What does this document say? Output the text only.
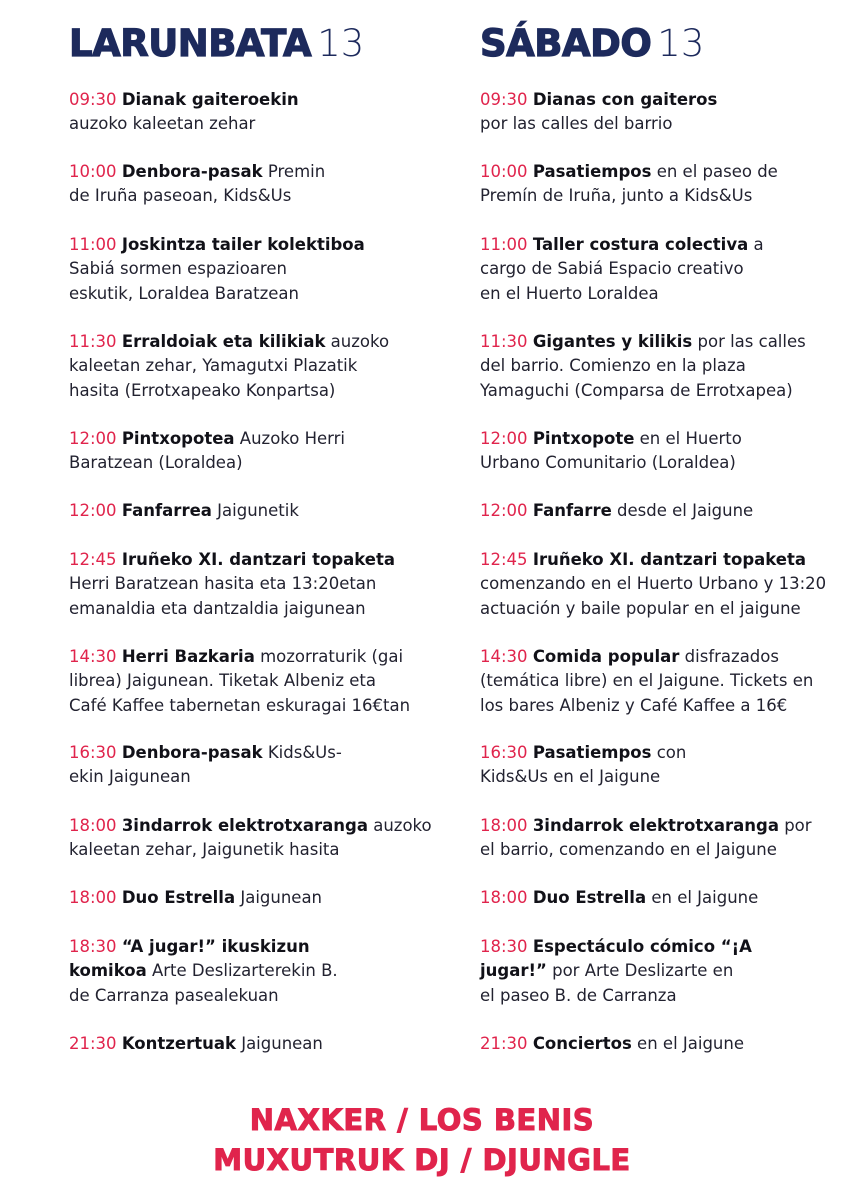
LARUNBATA 13
09:30 Dianak gaiteroekin
auzoko kaleetan zehar
10:00 Denbora-pasak Premin
de Iruña paseoan, Kids&Us
11:00 Joskintza tailer kolektiboa
Sabiá sormen espazioaren
eskutik, Loraldea Baratzean
11:30 Erraldoiak eta kilikiak auzoko
kaleetan zehar, Yamagutxi Plazatik
hasita (Errotxapeako Konpartsa)
12:00 Pintxopotea Auzoko Herri
Baratzean (Loraldea)
12:00 Fanfarrea Jaigunetik
12:45 Iruñeko XI. dantzari topaketa
Herri Baratzean hasita eta 13:20etan
emanaldia eta dantzaldia jaigunean
14:30 Herri Bazkaria mozorraturik (gai
librea) Jaigunean. Tiketak Albeniz eta
Café Kaffee tabernetan eskuragai 16€tan
16:30 Denbora-pasak Kids&Us-
ekin Jaigunean
18:00 3indarrok elektrotxaranga auzoko
kaleetan zehar, Jaigunetik hasita
18:00 Duo Estrella Jaigunean
18:30 “A jugar!” ikuskizun
komikoa Arte Deslizarterekin B.
de Carranza pasealekuan
21:30 Kontzertuak Jaigunean
SÁBADO 13
09:30 Dianas con gaiteros
por las calles del barrio
10:00 Pasatiempos en el paseo de
Premín de Iruña, junto a Kids&Us
11:00 Taller costura colectiva a
cargo de Sabiá Espacio creativo
en el Huerto Loraldea
11:30 Gigantes y kilikis por las calles
del barrio. Comienzo en la plaza
Yamaguchi (Comparsa de Errotxapea)
12:00 Pintxopote en el Huerto
Urbano Comunitario (Loraldea)
12:00 Fanfarre desde el Jaigune
12:45 Iruñeko XI. dantzari topaketa
comenzando en el Huerto Urbano y 13:20
actuación y baile popular en el jaigune
14:30 Comida popular disfrazados
(temática libre) en el Jaigune. Tickets en
los bares Albeniz y Café Kaffee a 16€
16:30 Pasatiempos con
Kids&Us en el Jaigune
18:00 3indarrok elektrotxaranga por
el barrio, comenzando en el Jaigune
18:00 Duo Estrella en el Jaigune
18:30 Espectáculo cómico “¡A
jugar!” por Arte Deslizarte en
el paseo B. de Carranza
21:30 Conciertos en el Jaigune
NAXKER / LOS BENIS
MUXUTRUK DJ / DJUNGLE
